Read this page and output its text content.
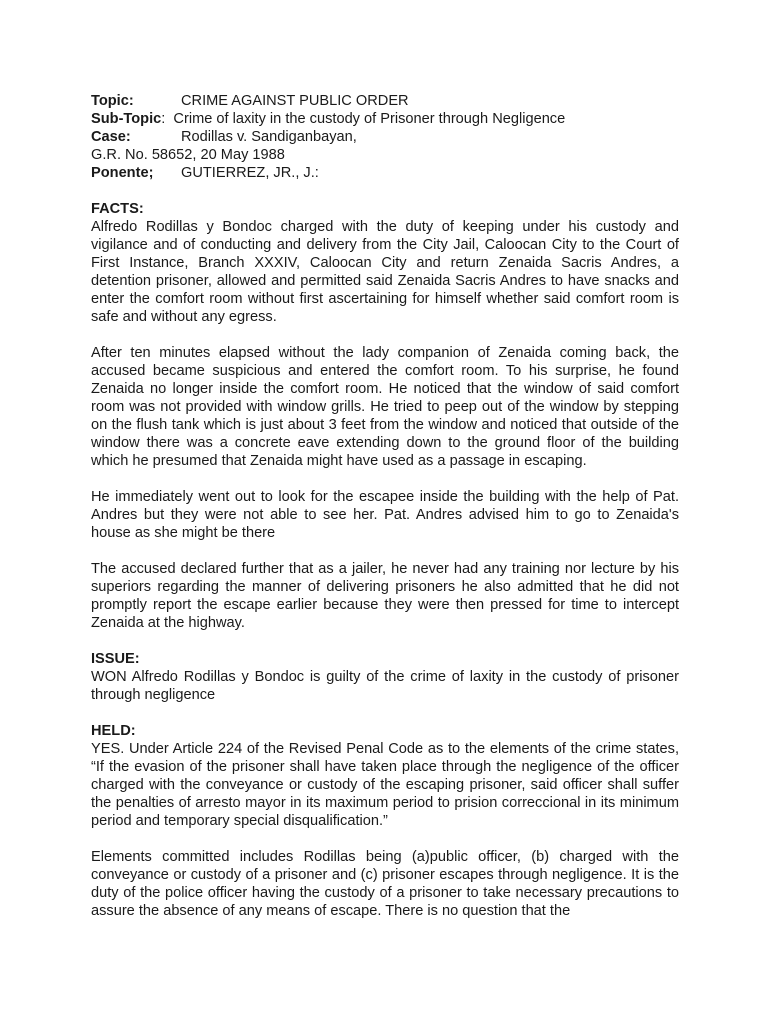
Topic:	CRIME AGAINST PUBLIC ORDER
Sub-Topic :  Crime of laxity in the custody of Prisoner through Negligence
Case:	Rodillas v. Sandiganbayan,
G.R. No. 58652, 20 May 1988
Ponente;	GUTIERREZ, JR., J.:
FACTS:

Alfredo Rodillas y Bondoc charged with the duty of keeping under his custody and vigilance and of conducting and delivery from the City Jail, Caloocan City to the Court of First Instance, Branch XXXIV, Caloocan City and return Zenaida Sacris Andres, a detention prisoner, allowed and permitted said Zenaida Sacris Andres to have snacks and enter the comfort room without first ascertaining for himself whether said comfort room is safe and without any egress.

After ten minutes elapsed without the lady companion of Zenaida coming back, the accused became suspicious and entered the comfort room. To his surprise, he found Zenaida no longer inside the comfort room. He noticed that the window of said comfort room was not provided with window grills. He tried to peep out of the window by stepping on the flush tank which is just about 3 feet from the window and noticed that outside of the window there was a concrete eave extending down to the ground floor of the building which he presumed that Zenaida might have used as a passage in escaping.

He immediately went out to look for the escapee inside the building with the help of Pat. Andres but they were not able to see her. Pat. Andres advised him to go to Zenaida's house as she might be there

The accused declared further that as a jailer, he never had any training nor lecture by his superiors regarding the manner of delivering prisoners he also admitted that he did not promptly report the escape earlier because they were then pressed for time to intercept Zenaida at the highway.

ISSUE:

WON Alfredo Rodillas y Bondoc is guilty of the crime of laxity in the custody of prisoner through negligence

HELD:

YES. Under Article 224 of the Revised Penal Code as to the elements of the crime states, “If the evasion of the prisoner shall have taken place through the negligence of the officer charged with the conveyance or custody of the escaping prisoner, said officer shall suffer the penalties of arresto mayor in its maximum period to prision correccional in its minimum period and temporary special disqualification.”

Elements committed includes Rodillas being (a)public officer, (b) charged with the conveyance or custody of a prisoner and (c) prisoner escapes through negligence. It is the duty of the police officer having the custody of a prisoner to take necessary precautions to assure the absence of any means of escape. There is no question that the
